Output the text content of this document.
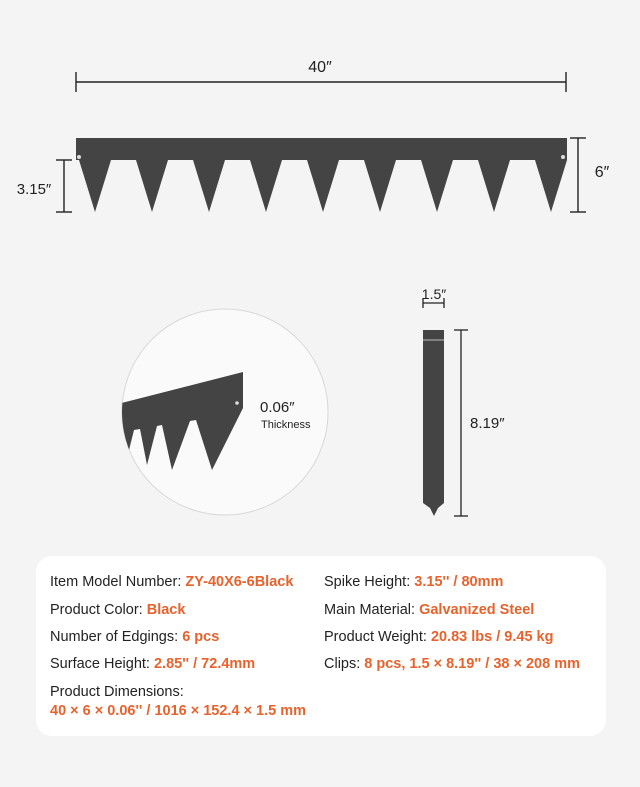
40″
3.15″
6″
0.06″
Thickness
1.5″
8.19″
Item Model Number: ZY-40X6-6Black Spike Height: 3.15'' / 80mm
Product Color: Black	Main Material: Galvanized Steel
Number of Edgings: 6 pcs	Product Weight: 20.83 lbs / 9.45 kg
Surface Height: 2.85'' / 72.4mm	Clips: 8 pcs, 1.5 × 8.19'' / 38 × 208 mm
Product Dimensions:
40 × 6 × 0.06'' / 1016 × 152.4 × 1.5 mm
